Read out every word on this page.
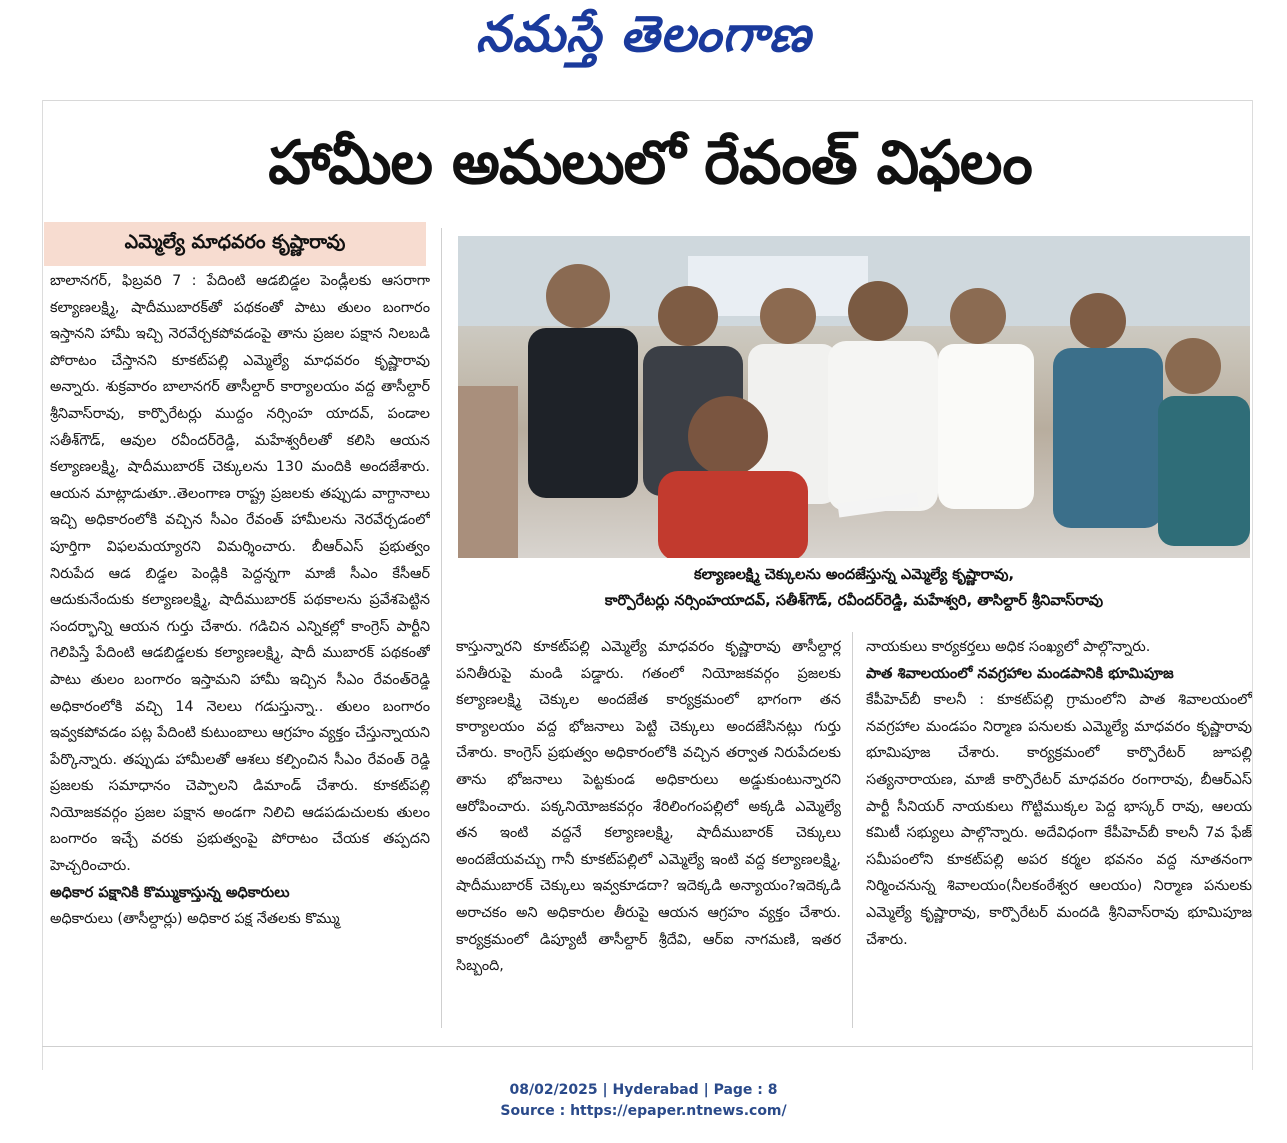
నమస్తే తెలంగాణ
హామీల అమలులో రేవంత్ విఫలం
ఎమ్మెల్యే మాధవరం కృష్ణారావు

బాలానగర్, ఫిబ్రవరి 7 : పేదింటి ఆడబిడ్డల పెండ్లీలకు ఆసరాగా కల్యాణలక్ష్మి, షాదీముబారక్‌తో పథకంతో పాటు తులం బంగారం ఇస్తానని హామీ ఇచ్చి నెరవేర్చకపోవడంపై తాను ప్రజల పక్షాన నిలబడి పోరాటం చేస్తానని కూకట్‌పల్లి ఎమ్మెల్యే మాధవరం కృష్ణారావు అన్నారు. శుక్రవారం బాలానగర్ తాసీల్దార్ కార్యాలయం వద్ద తాసీల్దార్ శ్రీనివాస్‌రావు, కార్పొరేటర్లు ముద్దం నర్సింహ యాదవ్, పండాల సతీశ్‌గౌడ్, ఆవుల రవీందర్‌రెడ్డి, మహేశ్వరీలతో కలిసి ఆయన కల్యాణలక్ష్మి, షాదీముబారక్ చెక్కులను 130 మందికి అందజేశారు. ఆయన మాట్లాడుతూ..తెలంగాణ రాష్ట్ర ప్రజలకు తప్పుడు వాగ్దానాలు ఇచ్చి అధికారంలోకి వచ్చిన సీఎం రేవంత్ హామీలను నెరవేర్చడంలో పూర్తిగా విఫలమయ్యారని విమర్శించారు. బీఆర్‌ఎస్ ప్రభుత్వం నిరుపేద ఆడ బిడ్డల పెండ్లికి పెద్దన్నగా మాజీ సీఎం కేసీఆర్ ఆదుకునేందుకు కల్యాణలక్ష్మి, షాదీముబారక్ పథకాలను ప్రవేశపెట్టిన సందర్భాన్ని ఆయన గుర్తు చేశారు. గడిచిన ఎన్నికల్లో కాంగ్రెస్ పార్టీని గెలిపిస్తే పేదింటి ఆడబిడ్డలకు కల్యాణలక్ష్మి, షాదీ ముబారక్ పథకంతో పాటు తులం బంగారం ఇస్తామని హామీ ఇచ్చిన సీఎం రేవంత్‌రెడ్డి అధికారంలోకి వచ్చి 14 నెలలు గడుస్తున్నా.. తులం బంగారం ఇవ్వకపోవడం పట్ల పేదింటి కుటుంబాలు ఆగ్రహం వ్యక్తం చేస్తున్నాయని పేర్కొన్నారు. తప్పుడు హామీలతో ఆశలు కల్పించిన సీఎం రేవంత్ రెడ్డి ప్రజలకు సమాధానం చెప్పాలని డిమాండ్ చేశారు. కూకట్‌పల్లి నియోజకవర్గం ప్రజల పక్షాన అండగా నిలిచి ఆడపడుచులకు తులం బంగారం ఇచ్చే వరకు ప్రభుత్వంపై పోరాటం చేయక తప్పదని హెచ్చరించారు.

అధికార పక్షానికి కొమ్ముకాస్తున్న అధికారులు

అధికారులు (తాసీల్దార్లు) అధికార పక్ష నేతలకు కొమ్ము

కల్యాణలక్ష్మి చెక్కులను అందజేస్తున్న ఎమ్మెల్యే కృష్ణారావు,
కార్పొరేటర్లు నర్సింహయాదవ్, సతీశ్‌గౌడ్, రవీందర్‌రెడ్డి, మహేశ్వరి, తాసిల్దార్ శ్రీనివాస్‌రావు

కాస్తున్నారని కూకట్‌పల్లి ఎమ్మెల్యే మాధవరం కృష్ణారావు తాసీల్దార్ల పనితీరుపై మండి పడ్డారు. గతంలో నియోజకవర్గం ప్రజలకు కల్యాణలక్ష్మి చెక్కుల అందజేత కార్యక్రమంలో భాగంగా తన కార్యాలయం వద్ద భోజనాలు పెట్టి చెక్కులు అందజేసినట్లు గుర్తు చేశారు. కాంగ్రెస్ ప్రభుత్వం అధికారంలోకి వచ్చిన తర్వాత నిరుపేదలకు తాను భోజనాలు పెట్టకుండ అధికారులు అడ్డుకుంటున్నారని ఆరోపించారు. పక్కనియోజకవర్గం శేరిలింగంపల్లిలో అక్కడి ఎమ్మెల్యే తన ఇంటి వద్దనే కల్యాణలక్ష్మి, షాదీముబారక్ చెక్కులు అందజేయవచ్చు గానీ కూకట్‌పల్లిలో ఎమ్మెల్యే ఇంటి వద్ద కల్యాణలక్ష్మి, షాదీముబారక్ చెక్కులు ఇవ్వకూడదా? ఇదెక్కడి అన్యాయం?ఇదెక్కడి అరాచకం అని అధికారుల తీరుపై ఆయన ఆగ్రహం వ్యక్తం చేశారు. కార్యక్రమంలో డిప్యూటీ తాసీల్దార్ శ్రీదేవి, ఆర్‌ఐ నాగమణి, ఇతర సిబ్బంది,

నాయకులు కార్యకర్తలు అధిక సంఖ్యలో పాల్గొన్నారు.

పాత శివాలయంలో నవగ్రహాల మండపానికి భూమిపూజ

కేపీహెచ్‌బీ కాలనీ : కూకట్‌పల్లి గ్రామంలోని పాత శివాలయంలో నవగ్రహాల మండపం నిర్మాణ పనులకు ఎమ్మెల్యే మాధవరం కృష్ణారావు భూమిపూజ చేశారు. కార్యక్రమంలో కార్పొరేటర్ జూపల్లి సత్యనారాయణ, మాజీ కార్పొరేటర్ మాధవరం రంగారావు, బీఆర్‌ఎస్ పార్టీ సీనియర్ నాయకులు గొట్టిముక్కల పెద్ద భాస్కర్ రావు, ఆలయ కమిటీ సభ్యులు పాల్గొన్నారు. అదేవిధంగా కేపీహెచ్‌బీ కాలనీ 7వ ఫేజ్ సమీపంలోని కూకట్‌పల్లి అపర కర్మల భవనం వద్ద నూతనంగా నిర్మించనున్న శివాలయం(నీలకంఠేశ్వర ఆలయం) నిర్మాణ పనులకు ఎమ్మెల్యే కృష్ణారావు, కార్పొరేటర్ మందడి శ్రీనివాస్‌రావు భూమిపూజ చేశారు.

08/02/2025 | Hyderabad | Page : 8
Source : https://epaper.ntnews.com/
